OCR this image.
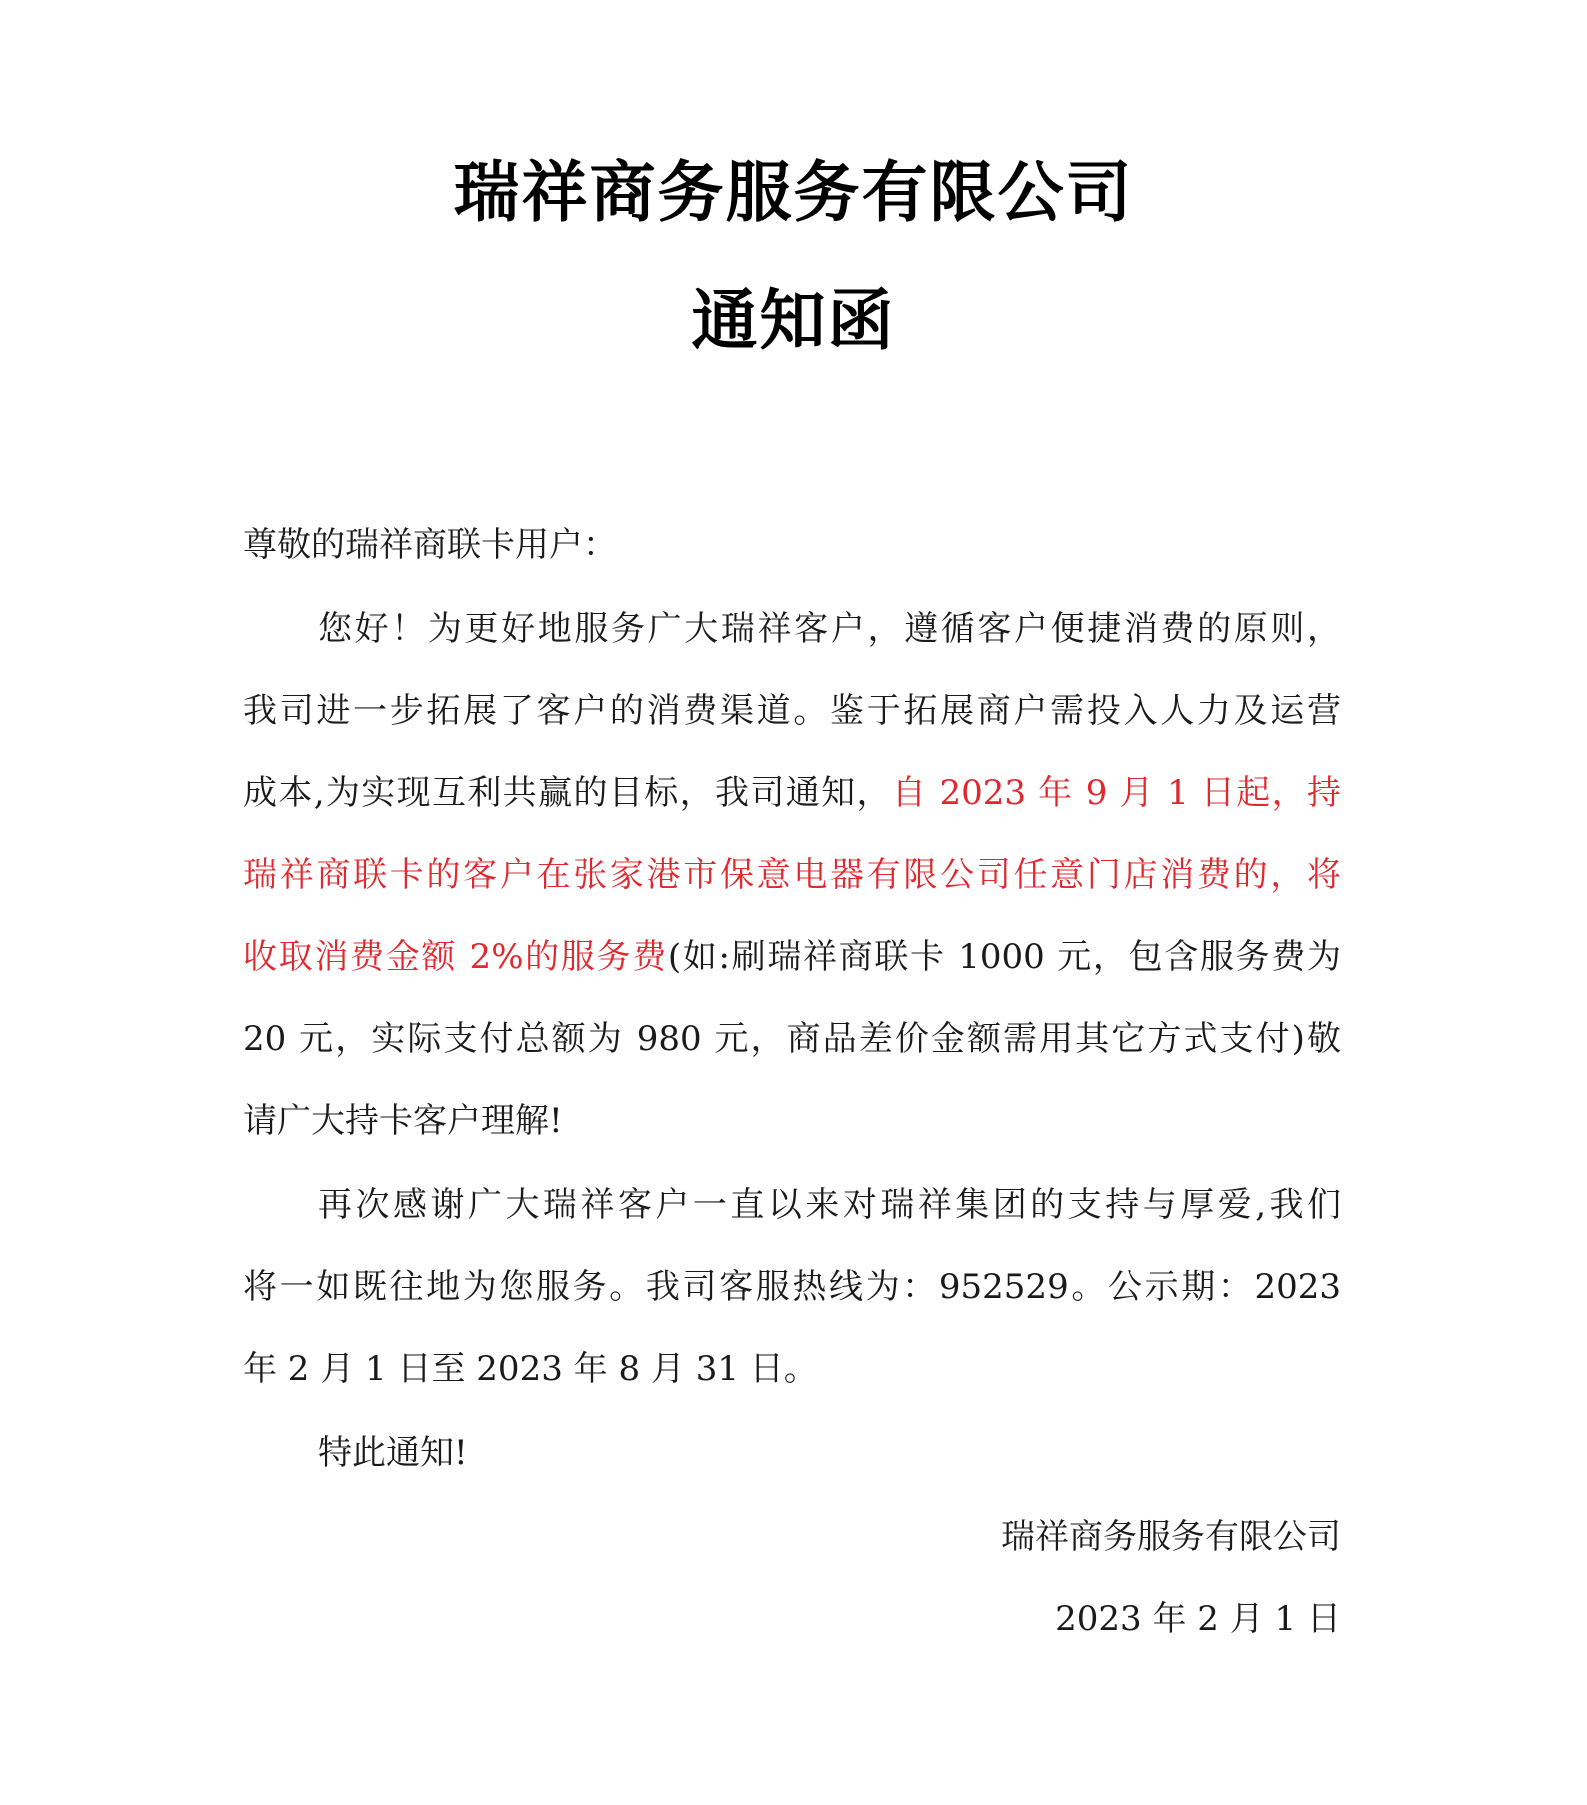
瑞祥商务服务有限公司
通知函
尊敬的瑞祥商联卡用户：
您好！为更好地服务广大瑞祥客户，遵循客户便捷消费的原则，
我司进一步拓展了客户的消费渠道。鉴于拓展商户需投入人力及运营
成本,为实现互利共赢的目标，我司通知，自 2023 年 9 月 1 日起，持
瑞祥商联卡的客户在张家港市保意电器有限公司任意门店消费的，将
收取消费金额 2%的服务费(如:刷瑞祥商联卡 1000 元，包含服务费为
20 元，实际支付总额为 980 元，商品差价金额需用其它方式支付)敬
请广大持卡客户理解!
再次感谢广大瑞祥客户一直以来对瑞祥集团的支持与厚爱,我们
将一如既往地为您服务。我司客服热线为：952529。公示期：2023
年 2 月 1 日至 2023 年 8 月 31 日。
特此通知!
瑞祥商务服务有限公司
2023 年 2 月 1 日
